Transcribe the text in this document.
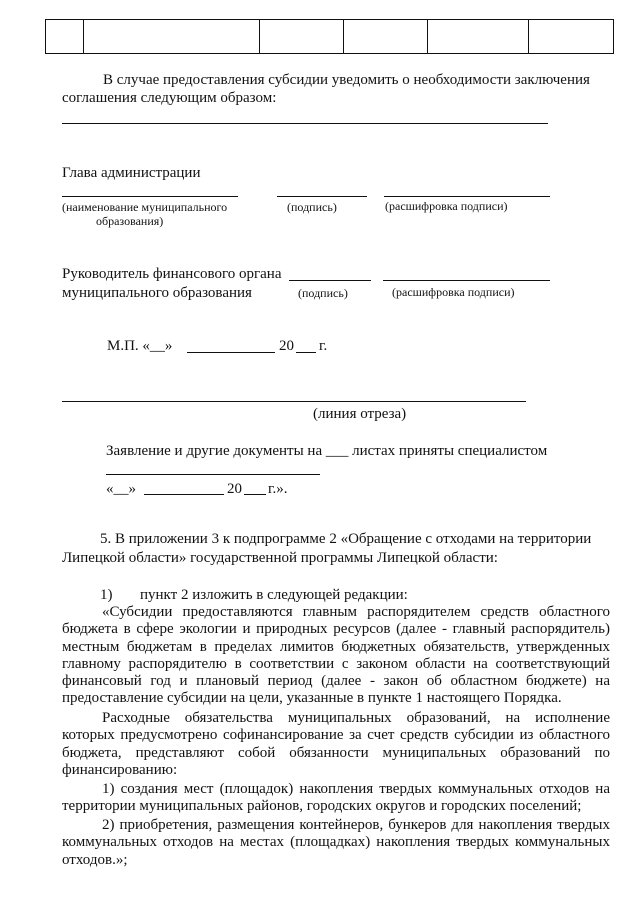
В случае предоставления субсидии уведомить о необходимости заключения
соглашения следующим образом:
Глава администрации
(наименование муниципального
образования)
(подпись)	(расшифровка подписи)
Руководитель финансового органа
муниципального образования	(подпись)	(расшифровка подписи)
М.П. «__»	20 г.
(линия отреза)
Заявление и другие документы на ___ листах приняты специалистом
«__»	20 г.».
5. В приложении 3 к подпрограмме 2 «Обращение с отходами на территории
Липецкой области» государственной программы Липецкой области:
1) пункт 2 изложить в следующей редакции:
«Субсидии предоставляются главным распорядителем средств областного бюджета в сфере экологии и природных ресурсов (далее - главный распорядитель) местным бюджетам в пределах лимитов бюджетных обязательств, утвержденных главному распорядителю в соответствии с законом области на соответствующий финансовый год и плановый период (далее - закон об областном бюджете) на предоставление субсидии на цели, указанные в пункте 1 настоящего Порядка.
Расходные обязательства муниципальных образований, на исполнение которых предусмотрено софинансирование за счет средств субсидии из областного бюджета, представляют собой обязанности муниципальных образований по финансированию:
1) создания мест (площадок) накопления твердых коммунальных отходов на территории муниципальных районов, городских округов и городских поселений;
2) приобретения, размещения контейнеров, бункеров для накопления твердых коммунальных отходов на местах (площадках) накопления твердых коммунальных отходов.»;
